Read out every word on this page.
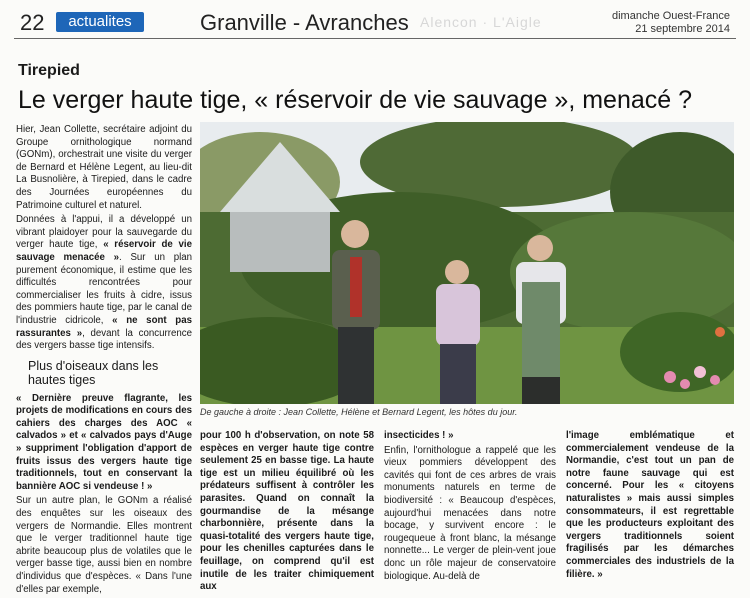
22	actualites	Granville - Avranches Alencon · L'Aigle	dimanche Ouest-France
21 septembre 2014
Tirepied
Le verger haute tige, « réservoir de vie sauvage », menacé ?

Hier, Jean Collette, secrétaire adjoint du Groupe ornithologique normand (GONm), orchestrait une visite du verger de Bernard et Hélène Legent, au lieu-dit La Busnolière, à Tirepied, dans le cadre des Journées européennes du Patrimoine culturel et naturel.

Données à l'appui, il a développé un vibrant plaidoyer pour la sauvegarde du verger haute tige, « réservoir de vie sauvage menacée ». Sur un plan purement économique, il estime que les difficultés rencontrées pour commercialiser les fruits à cidre, issus des pommiers haute tige, par le canal de l'industrie cidricole, « ne sont pas rassurantes », devant la concurrence des vergers basse tige intensifs.

Plus d'oiseaux dans les hautes tiges

« Dernière preuve flagrante, les projets de modifications en cours des cahiers des charges des AOC « calvados » et « calvados pays d'Auge » suppriment l'obligation d'apport de fruits issus des vergers haute tige traditionnels, tout en conservant la bannière AOC si vendeuse ! »

Sur un autre plan, le GONm a réalisé des enquêtes sur les oiseaux des vergers de Normandie. Elles montrent que le verger traditionnel haute tige abrite beaucoup plus de volatiles que le verger basse tige, aussi bien en nombre d'individus que d'espèces. « Dans l'une d'elles par exemple,

De gauche à droite : Jean Collette, Hélène et Bernard Legent, les hôtes du jour.

pour 100 h d'observation, on note 58 espèces en verger haute tige contre seulement 25 en basse tige. La haute tige est un milieu équilibré où les prédateurs suffisent à contrôler les parasites. Quand on connaît la gourmandise de la mésange charbonnière, présente dans la quasi-totalité des vergers haute tige, pour les chenilles capturées dans le feuillage, on comprend qu'il est inutile de les traiter chimiquement aux

insecticides ! »

Enfin, l'ornithologue a rappelé que les vieux pommiers développent des cavités qui font de ces arbres de vrais monuments naturels en terme de biodiversité : « Beaucoup d'espèces, aujourd'hui menacées dans notre bocage, y survivent encore : le rougequeue à front blanc, la mésange nonnette... Le verger de plein-vent joue donc un rôle majeur de conservatoire biologique. Au-delà de

l'image emblématique et commercialement vendeuse de la Normandie, c'est tout un pan de notre faune sauvage qui est concerné. Pour les « citoyens naturalistes » mais aussi simples consommateurs, il est regrettable que les producteurs exploitant des vergers traditionnels soient fragilisés par les démarches commerciales des industriels de la filière. »
